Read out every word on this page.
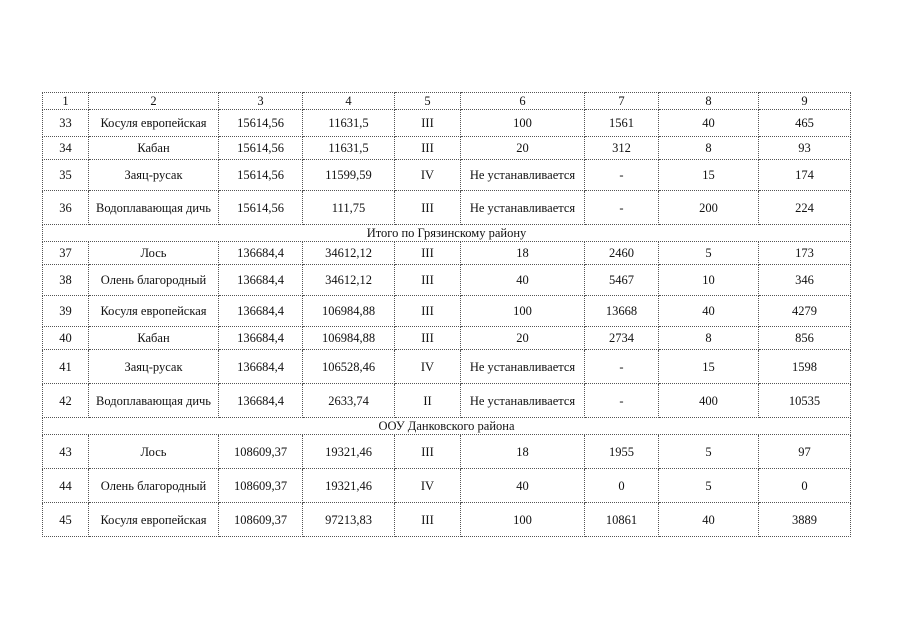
1	2	3	4	5	6	7	8	9
33	Косуля европейская	15614,56	11631,5	III	100	1561	40	465
34	Кабан	15614,56	11631,5	III	20	312	8	93
35	Заяц-русак	15614,56	11599,59	IV	Не устанавливается	-	15	174
36	Водоплавающая дичь	15614,56	111,75	III	Не устанавливается	-	200	224
Итого по Грязинскому району								
37	Лось	136684,4	34612,12	III	18	2460	5	173
38	Олень благородный	136684,4	34612,12	III	40	5467	10	346
39	Косуля европейская	136684,4	106984,88	III	100	13668	40	4279
40	Кабан	136684,4	106984,88	III	20	2734	8	856
41	Заяц-русак	136684,4	106528,46	IV	Не устанавливается	-	15	1598
42	Водоплавающая дичь	136684,4	2633,74	II	Не устанавливается	-	400	10535
ООУ Данковского района								
43	Лось	108609,37	19321,46	III	18	1955	5	97
44	Олень благородный	108609,37	19321,46	IV	40	0	5	0
45	Косуля европейская	108609,37	97213,83	III	100	10861	40	3889
